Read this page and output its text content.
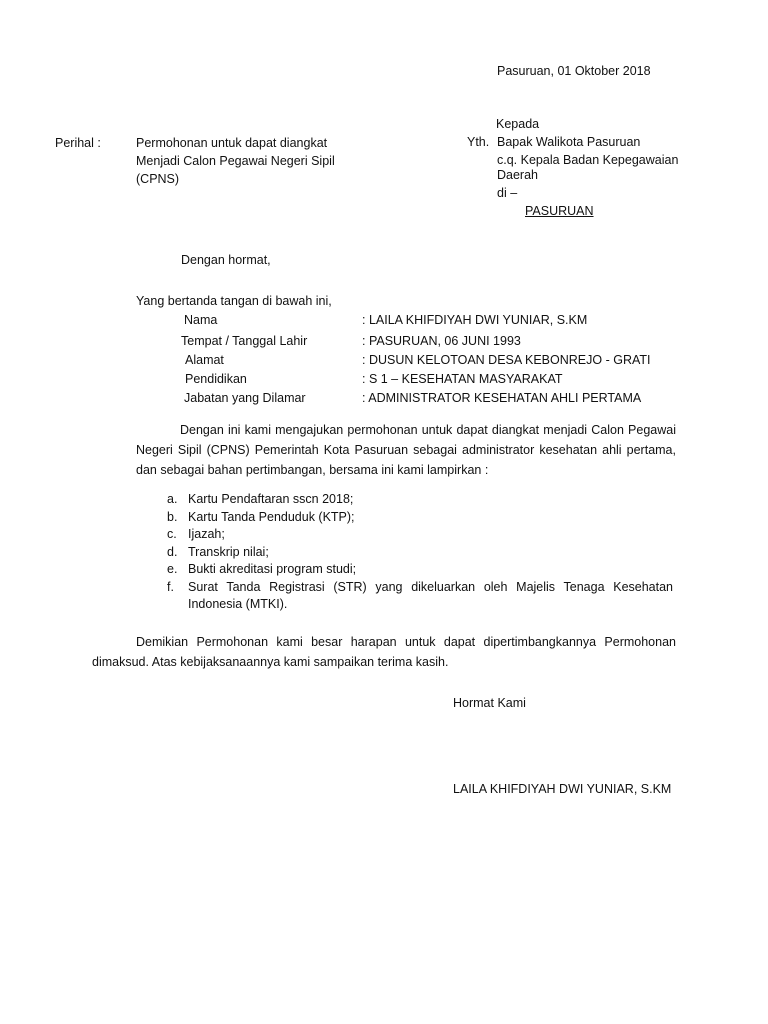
Pasuruan, 01 Oktober 2018
Perihal :	Permohonan untuk dapat diangkat
Menjadi Calon Pegawai Negeri Sipil
(CPNS)
Kepada
Yth. Bapak Walikota Pasuruan
c.q. Kepala Badan Kepegawaian
Daerah
di –
PASURUAN
Dengan hormat,
Yang bertanda tangan di bawah ini,
Nama	: LAILA KHIFDIYAH DWI YUNIAR, S.KM
Tempat / Tanggal Lahir	: PASURUAN, 06 JUNI 1993
Alamat	: DUSUN KELOTOAN DESA KEBONREJO - GRATI
Pendidikan	: S 1 – KESEHATAN MASYARAKAT
Jabatan yang Dilamar	: ADMINISTRATOR KESEHATAN AHLI PERTAMA
Dengan ini kami mengajukan permohonan untuk dapat diangkat menjadi Calon Pegawai Negeri Sipil (CPNS) Pemerintah Kota Pasuruan sebagai administrator kesehatan ahli pertama, dan sebagai bahan pertimbangan, bersama ini kami lampirkan :
a. Kartu Pendaftaran sscn 2018;
b. Kartu Tanda Penduduk (KTP);
c. Ijazah;
d. Transkrip nilai;
e. Bukti akreditasi program studi;
f.	Surat Tanda Registrasi (STR) yang dikeluarkan oleh Majelis Tenaga Kesehatan Indonesia (MTKI).
Demikian Permohonan kami besar harapan untuk dapat dipertimbangkannya Permohonan dimaksud. Atas kebijaksanaannya kami sampaikan terima kasih.
Hormat Kami
LAILA KHIFDIYAH DWI YUNIAR, S.KM
